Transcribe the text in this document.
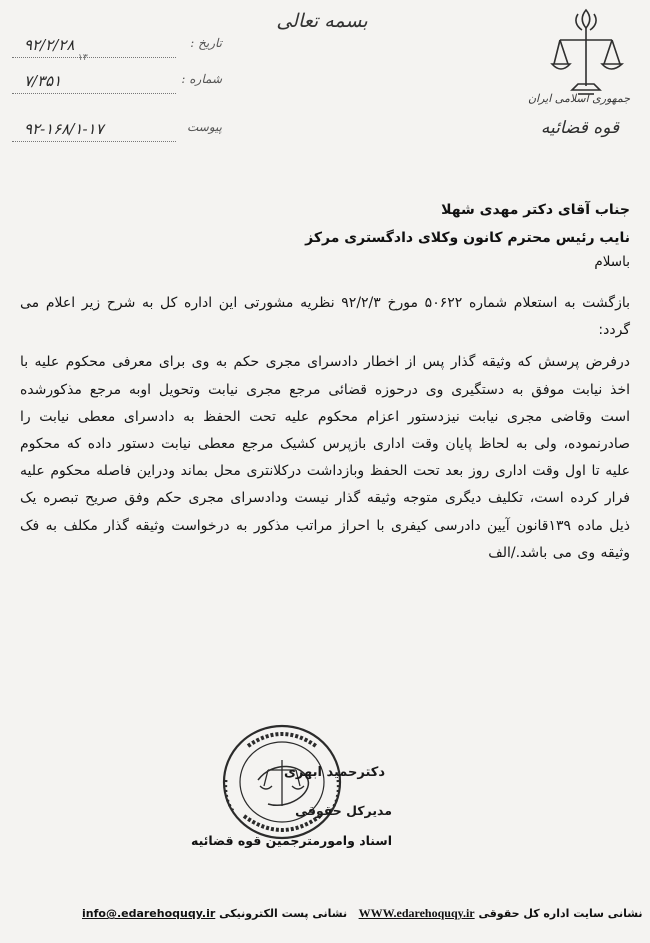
بسمه تعالی
جمهوری اسلامی ایران
قوه قضائیه
۹۲/۲/۲۸	تاریخ :
۱۳
۷/۳۵۱	شماره :
۹۲-۱۶۸/۱-۱۷	پیوست
جناب آقای دکتر مهدی شهلا
نایب رئیس محترم کانون وکلای دادگستری مرکز
باسلام

بازگشت به استعلام شماره ۵۰۶۲۲ مورخ ۹۲/۲/۳ نظریه مشورتی این اداره کل به شرح زیر اعلام می گردد:

درفرض پرسش که وثیقه گذار پس از اخطار دادسرای مجری حکم به وی برای معرفی محکوم علیه با اخذ نیابت موفق به دستگیری وی درحوزه قضائی مرجع مجری نیابت وتحویل اوبه مرجع مذکورشده است وقاضی مجری نیابت نیزدستور اعزام محکوم علیه تحت الحفظ به دادسرای معطی نیابت را صادرنموده، ولی به لحاظ پایان وقت اداری بازپرس کشیک مرجع معطی نیابت دستور داده که محکوم علیه تا اول وقت اداری روز بعد تحت الحفظ وبازداشت درکلانتری محل بماند ودراین فاصله محکوم علیه فرار کرده است، تکلیف دیگری متوجه وثیقه گذار نیست ودادسرای مجری حکم وفق صریح تبصره یک ذیل ماده ۱۳۹قانون آیین دادرسی کیفری با احراز مراتب مذکور به درخواست وثیقه گذار مکلف به فک وثیقه وی می باشد./الف

دکترحمید ابهری
مدیرکل حقوقی
اسناد وامورمترجمین قوه قضائیه
info@.edarehoquqy.ir نشانی پست الکترونیکی WWW.edarehoquqy.ir نشانی سایت اداره کل حقوقی
